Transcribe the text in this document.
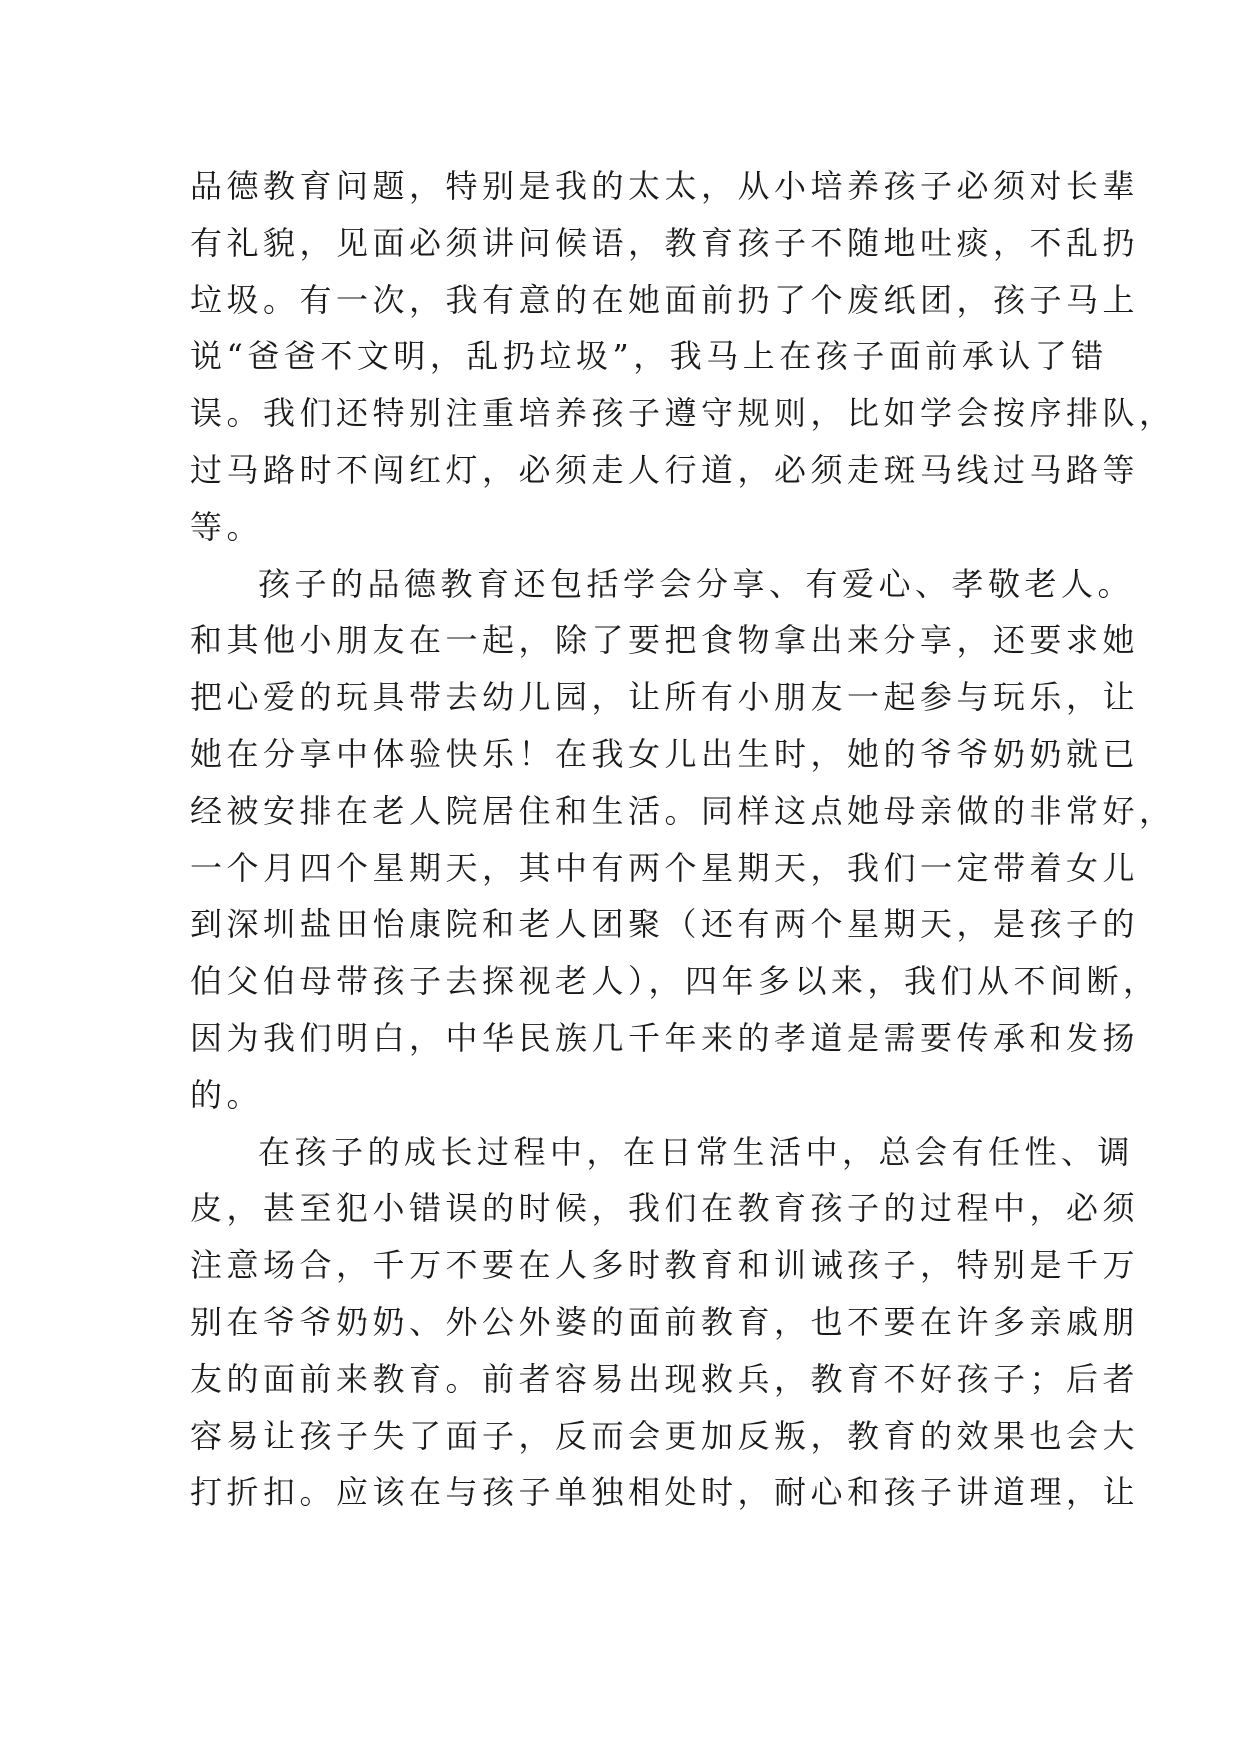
品德教育问题，特别是我的太太，从小培养孩子必须对长辈
有礼貌，见面必须讲问候语，教育孩子不随地吐痰，不乱扔
垃圾。有一次，我有意的在她面前扔了个废纸团，孩子马上
说“爸爸不文明，乱扔垃圾”，我马上在孩子面前承认了错
误。我们还特别注重培养孩子遵守规则，比如学会按序排队，
过马路时不闯红灯，必须走人行道，必须走斑马线过马路等
等。
孩子的品德教育还包括学会分享、有爱心、孝敬老人。
和其他小朋友在一起，除了要把食物拿出来分享，还要求她
把心爱的玩具带去幼儿园，让所有小朋友一起参与玩乐，让
她在分享中体验快乐！在我女儿出生时，她的爷爷奶奶就已
经被安排在老人院居住和生活。同样这点她母亲做的非常好，
一个月四个星期天，其中有两个星期天，我们一定带着女儿
到深圳盐田怡康院和老人团聚（还有两个星期天，是孩子的
伯父伯母带孩子去探视老人），四年多以来，我们从不间断，
因为我们明白，中华民族几千年来的孝道是需要传承和发扬
的。
在孩子的成长过程中，在日常生活中，总会有任性、调
皮，甚至犯小错误的时候，我们在教育孩子的过程中，必须
注意场合，千万不要在人多时教育和训诫孩子，特别是千万
别在爷爷奶奶、外公外婆的面前教育，也不要在许多亲戚朋
友的面前来教育。前者容易出现救兵，教育不好孩子；后者
容易让孩子失了面子，反而会更加反叛，教育的效果也会大
打折扣。应该在与孩子单独相处时，耐心和孩子讲道理，让
